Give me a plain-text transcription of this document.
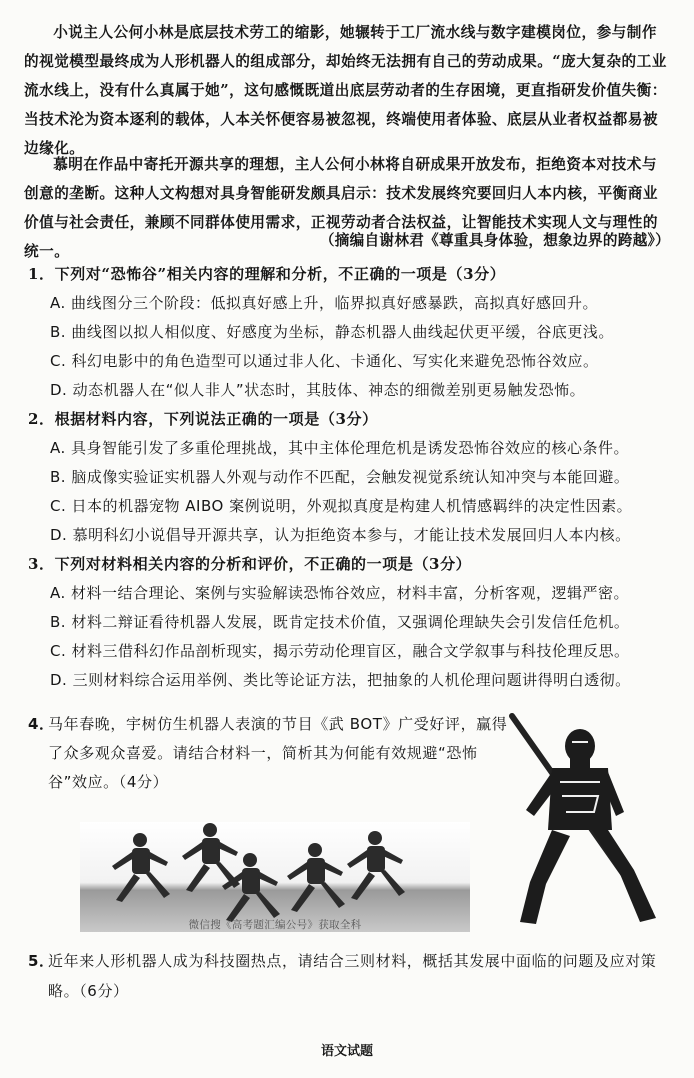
小说主人公何小林是底层技术劳工的缩影，她辗转于工厂流水线与数字建模岗位，参与制作的视觉模型最终成为人形机器人的组成部分，却始终无法拥有自己的劳动成果。“庞大复杂的工业流水线上，没有什么真属于她”，这句感慨既道出底层劳动者的生存困境，更直指研发价值失衡：当技术沦为资本逐利的载体，人本关怀便容易被忽视，终端使用者体验、底层从业者权益都易被边缘化。
慕明在作品中寄托开源共享的理想，主人公何小林将自研成果开放发布，拒绝资本对技术与创意的垄断。这种人文构想对具身智能研发颇具启示：技术发展终究要回归人本内核，平衡商业价值与社会责任，兼顾不同群体使用需求，正视劳动者合法权益，让智能技术实现人文与理性的统一。
（摘编自谢林君《尊重具身体验，想象边界的跨越》）
1．下列对“恐怖谷”相关内容的理解和分析，不正确的一项是（3分）
A. 曲线图分三个阶段：低拟真好感上升，临界拟真好感暴跌，高拟真好感回升。
B. 曲线图以拟人相似度、好感度为坐标，静态机器人曲线起伏更平缓，谷底更浅。
C. 科幻电影中的角色造型可以通过非人化、卡通化、写实化来避免恐怖谷效应。
D. 动态机器人在“似人非人”状态时，其肢体、神态的细微差别更易触发恐怖。
2．根据材料内容，下列说法正确的一项是（3分）
A. 具身智能引发了多重伦理挑战，其中主体伦理危机是诱发恐怖谷效应的核心条件。
B. 脑成像实验证实机器人外观与动作不匹配，会触发视觉系统认知冲突与本能回避。
C. 日本的机器宠物 AIBO 案例说明，外观拟真度是构建人机情感羁绊的决定性因素。
D. 慕明科幻小说倡导开源共享，认为拒绝资本参与，才能让技术发展回归人本内核。
3．下列对材料相关内容的分析和评价，不正确的一项是（3分）
A. 材料一结合理论、案例与实验解读恐怖谷效应，材料丰富，分析客观，逻辑严密。
B. 材料二辩证看待机器人发展，既肯定技术价值，又强调伦理缺失会引发信任危机。
C. 材料三借科幻作品剖析现实，揭示劳动伦理盲区，融合文学叙事与科技伦理反思。
D. 三则材料综合运用举例、类比等论证方法，把抽象的人机伦理问题讲得明白透彻。
4．
马年春晚，宇树仿生机器人表演的节目《武 BOT》广受好评，赢得了众多观众喜爱。请结合材料一，简析其为何能有效规避“恐怖谷”效应。（4分）
微信搜《高考题汇编公号》获取全科
5．
近年来人形机器人成为科技圈热点，请结合三则材料，概括其发展中面临的问题及应对策略。（6分）
语文试题
